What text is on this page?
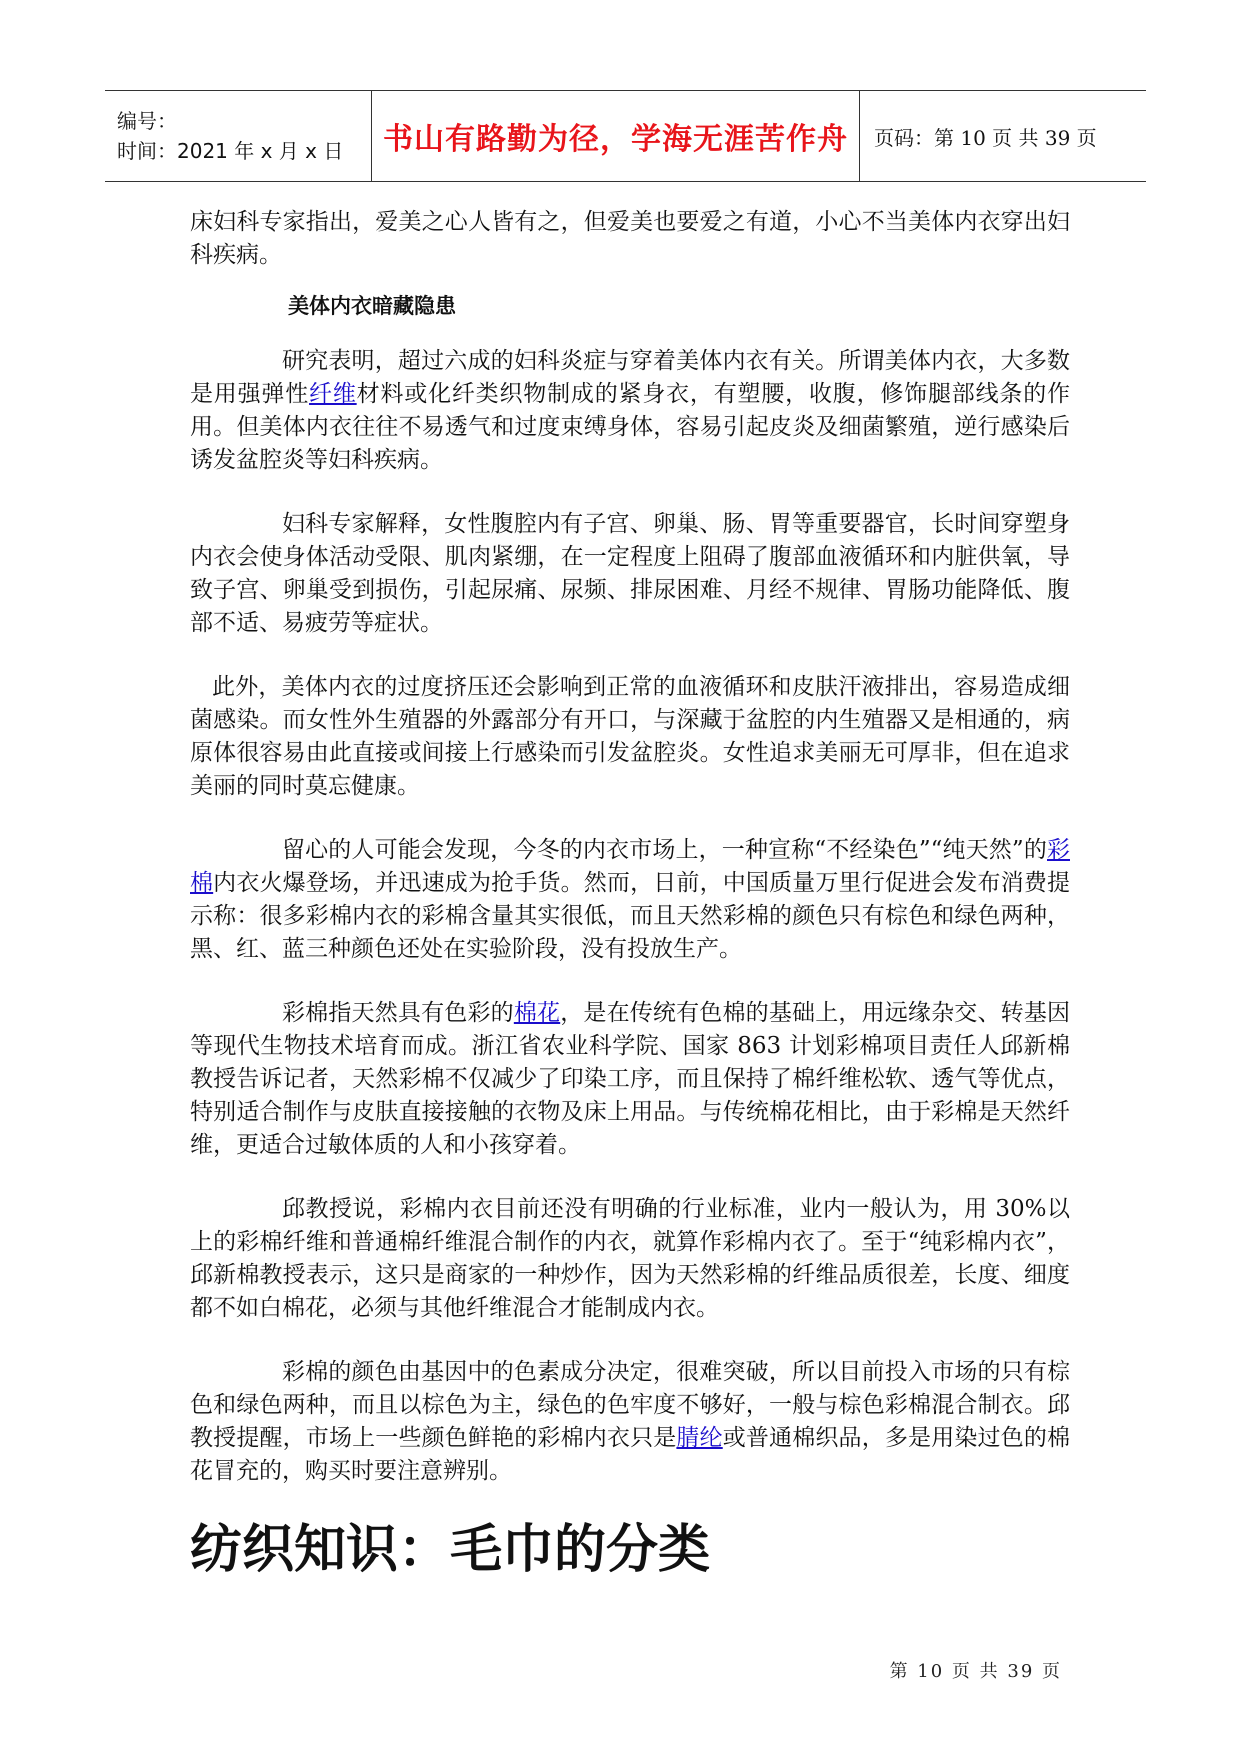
编号：
时间：2021 年 x 月 x 日	书山有路勤为径，学海无涯苦作舟 页码：第 10 页 共 39 页

床妇科专家指出，爱美之心人皆有之，但爱美也要爱之有道，小心不当美体内衣穿出妇科疾病。

美体内衣暗藏隐患

研究表明，超过六成的妇科炎症与穿着美体内衣有关。所谓美体内衣，大多数是用强弹性纤维材料或化纤类织物制成的紧身衣，有塑腰，收腹，修饰腿部线条的作用。但美体内衣往往不易透气和过度束缚身体，容易引起皮炎及细菌繁殖，逆行感染后诱发盆腔炎等妇科疾病。

妇科专家解释，女性腹腔内有子宫、卵巢、肠、胃等重要器官，长时间穿塑身内衣会使身体活动受限、肌肉紧绷，在一定程度上阻碍了腹部血液循环和内脏供氧，导致子宫、卵巢受到损伤，引起尿痛、尿频、排尿困难、月经不规律、胃肠功能降低、腹部不适、易疲劳等症状。

此外，美体内衣的过度挤压还会影响到正常的血液循环和皮肤汗液排出，容易造成细菌感染。而女性外生殖器的外露部分有开口，与深藏于盆腔的内生殖器又是相通的，病原体很容易由此直接或间接上行感染而引发盆腔炎。女性追求美丽无可厚非，但在追求美丽的同时莫忘健康。

留心的人可能会发现，今冬的内衣市场上，一种宣称“不经染色”“纯天然”的彩棉内衣火爆登场，并迅速成为抢手货。然而，日前，中国质量万里行促进会发布消费提示称：很多彩棉内衣的彩棉含量其实很低，而且天然彩棉的颜色只有棕色和绿色两种，黑、红、蓝三种颜色还处在实验阶段，没有投放生产。

彩棉指天然具有色彩的棉花，是在传统有色棉的基础上，用远缘杂交、转基因等现代生物技术培育而成。浙江省农业科学院、国家 863 计划彩棉项目责任人邱新棉教授告诉记者，天然彩棉不仅减少了印染工序，而且保持了棉纤维松软、透气等优点，特别适合制作与皮肤直接接触的衣物及床上用品。与传统棉花相比，由于彩棉是天然纤维，更适合过敏体质的人和小孩穿着。

邱教授说，彩棉内衣目前还没有明确的行业标准，业内一般认为，用 30%以上的彩棉纤维和普通棉纤维混合制作的内衣，就算作彩棉内衣了。至于“纯彩棉内衣”，邱新棉教授表示，这只是商家的一种炒作，因为天然彩棉的纤维品质很差，长度、细度都不如白棉花，必须与其他纤维混合才能制成内衣。

彩棉的颜色由基因中的色素成分决定，很难突破，所以目前投入市场的只有棕色和绿色两种，而且以棕色为主，绿色的色牢度不够好，一般与棕色彩棉混合制衣。邱教授提醒，市场上一些颜色鲜艳的彩棉内衣只是腈纶或普通棉织品，多是用染过色的棉花冒充的，购买时要注意辨别。

纺织知识：毛巾的分类
第 10 页 共 39 页
